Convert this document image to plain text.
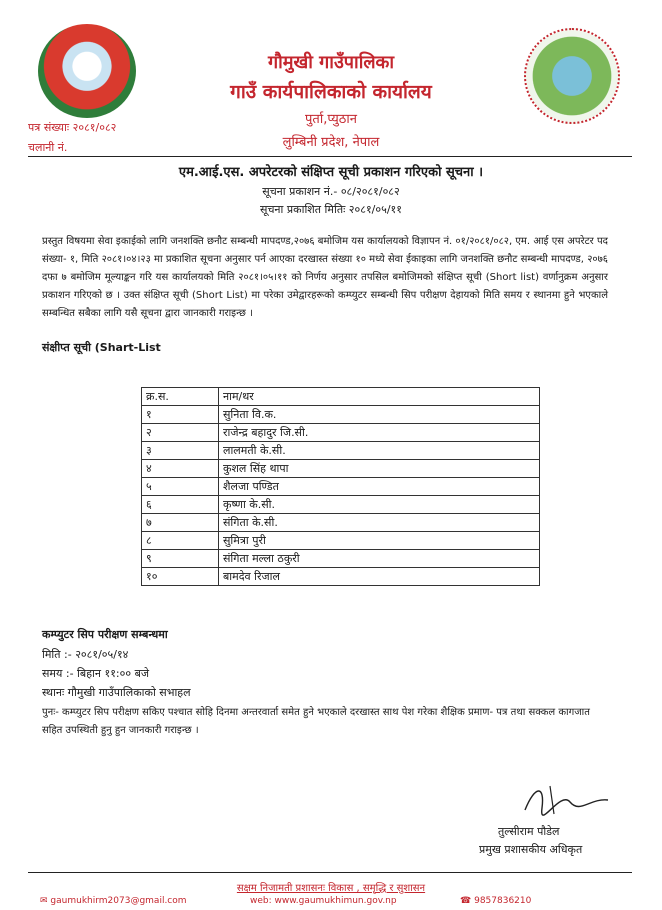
गौमुखी गाउँपालिका
गाउँ कार्यपालिकाको कार्यालय
पुर्ता,प्युठान
लुम्बिनी प्रदेश, नेपाल
पत्र संख्याः २०८१/०८२
चलानी नं.
एम.आई.एस. अपरेटरको संक्षिप्त सूची प्रकाशन गरिएको सूचना ।
सूचना प्रकाशन नं.- ०८/२०८१/०८२
सूचना प्रकाशित मितिः २०८१/०५/११
प्रस्तुत विषयमा सेवा इकाईको लागि जनशक्ति छनौट सम्बन्धी मापदण्ड,२०७६ बमोजिम यस कार्यालयको विज्ञापन नं. ०१/२०८१/०८२, एम. आई एस अपरेटर पद संख्या- १, मिति २०८१।०४।२३ मा प्रकाशित सूचना अनुसार पर्न आएका दरखास्त संख्या १० मध्ये सेवा ईकाइका लागि जनशक्ति छनौट सम्बन्धी मापदण्ड, २०७६ दफा ७ बमोजिम मूल्याङ्कन गरि यस कार्यालयको मिति २०८१।०५।११ को निर्णय अनुसार तपसिल बमोजिमको संक्षिप्त सूची (Short list) वर्णानुक्रम अनुसार प्रकाशन गरिएको छ । उक्त संक्षिप्त सूची (Short List) मा परेका उमेद्वारहरूको कम्प्युटर सम्बन्धी सिप परीक्षण देहायको मिति समय र स्थानमा हुने भएकाले सम्बन्धित सबैका लागि यसै सूचना द्वारा जानकारी गराइन्छ ।
संक्षीप्त सूची (Shart-List
क्र.स.	नाम/थर
१	सुनिता वि.क.
२	राजेन्द्र बहादुर जि.सी.
३	लालमती के.सी.
४	कुशल सिंह थापा
५	शैलजा पण्डित
६	कृष्णा के.सी.
७	संगिता के.सी.
८	सुमित्रा पुरी
९	संगिता मल्ला ठकुरी
१०	बामदेव रिजाल
कम्प्युटर सिप परीक्षण सम्बन्धमा
मिति :- २०८१/०५/१४
समय :- बिहान ११:०० बजे
स्थानः गौमुखी गाउँपालिकाको सभाहल
पुनः- कम्प्युटर सिप परीक्षण सकिए पश्चात सोहि दिनमा अन्तरवार्ता समेत हुने भएकाले दरखास्त साथ पेश गरेका शैक्षिक प्रमाण- पत्र तथा सक्कल कागजात सहित उपस्थिती हुनु हुन जानकारी गराइन्छ ।
तुल्सीराम पौडेल
प्रमुख प्रशासकीय अधिकृत
सक्षम निजामती प्रशासनः विकास , समृद्धि र सुशासन
✉ gaumukhirm2073@gmail.com	web: www.gaumukhimun.gov.np	☎ 9857836210
